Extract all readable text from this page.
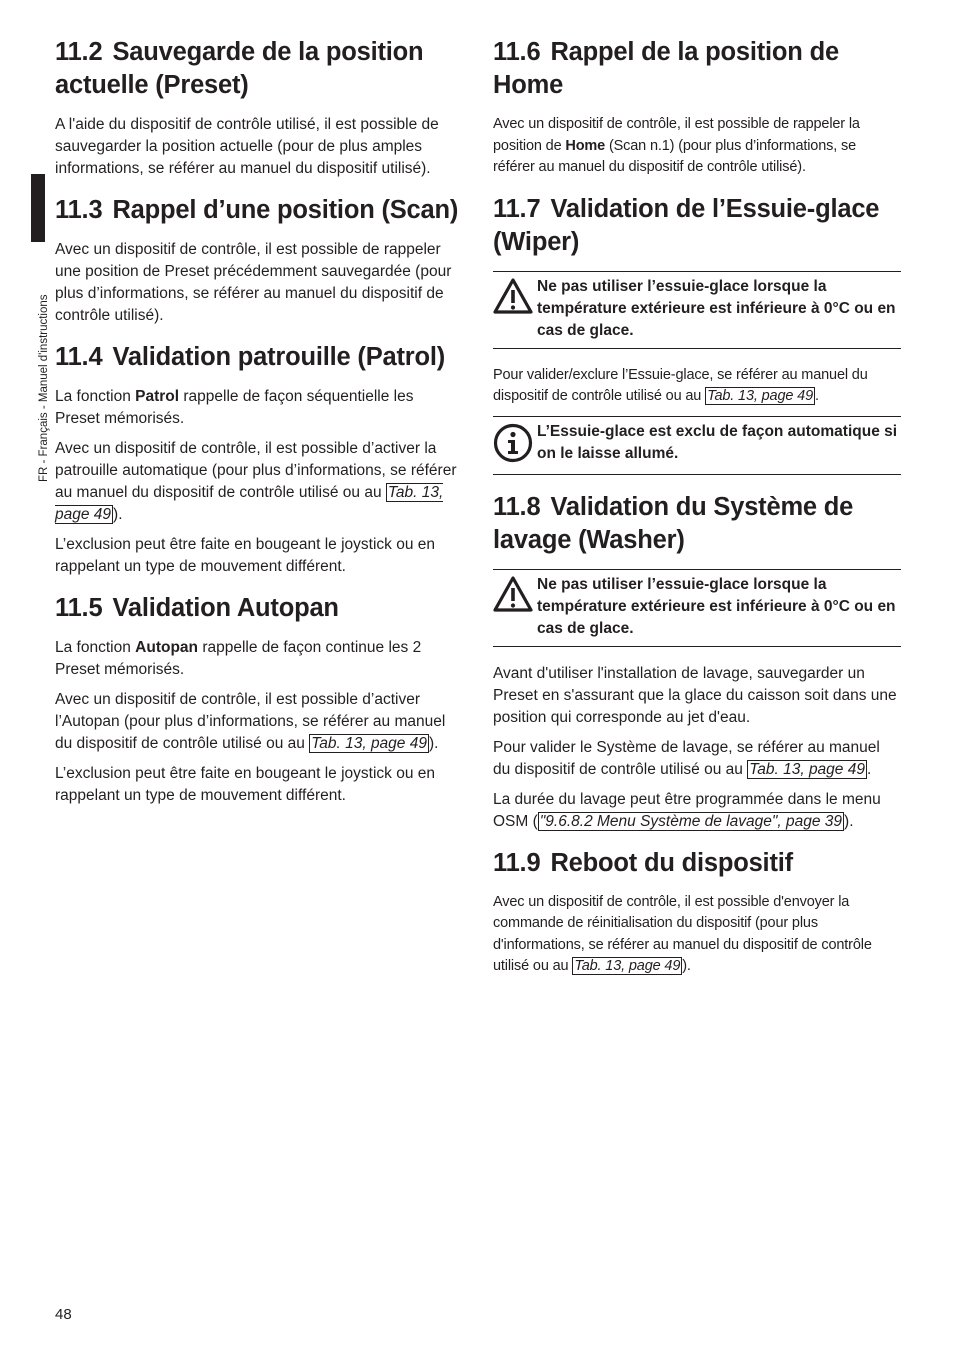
FR - Français - Manuel d'instructions
11.2 Sauvegarde de la position actuelle (Preset)

A l'aide du dispositif de contrôle utilisé, il est possible de sauvegarder la position actuelle (pour de plus amples informations, se référer au manuel du dispositif utilisé).

11.3 Rappel d’une position (Scan)

Avec un dispositif de contrôle, il est possible de rappeler une position de Preset précédemment sauvegardée (pour plus d’informations, se référer au manuel du dispositif de contrôle utilisé).

11.4 Validation patrouille (Patrol)

La fonction Patrol rappelle de façon séquentielle les Preset mémorisés.

Avec un dispositif de contrôle, il est possible d’activer la patrouille automatique (pour plus d’informations, se référer au manuel du dispositif de contrôle utilisé ou au Tab. 13, page 49 ).

L’exclusion peut être faite en bougeant le joystick ou en rappelant un type de mouvement différent.

11.5 Validation Autopan

La fonction Autopan rappelle de façon continue les 2 Preset mémorisés.

Avec un dispositif de contrôle, il est possible d’activer l’Autopan (pour plus d’informations, se référer au manuel du dispositif de contrôle utilisé ou au Tab. 13, page 49 ).

L’exclusion peut être faite en bougeant le joystick ou en rappelant un type de mouvement différent.

11.6 Rappel de la position de Home

Avec un dispositif de contrôle, il est possible de rappeler la position de Home (Scan n.1) (pour plus d’informations, se référer au manuel du dispositif de contrôle utilisé).

11.7 Validation de l’Essuie-glace (Wiper)
Ne pas utiliser l’essuie-glace lorsque la température extérieure est inférieure à 0°C ou en cas de glace.

Pour valider/exclure l’Essuie-glace, se référer au manuel du dispositif de contrôle utilisé ou au Tab. 13, page 49 .

L’Essuie-glace est exclu de façon automatique si on le laisse allumé.
11.8 Validation du Système de lavage (Washer)
Ne pas utiliser l’essuie-glace lorsque la température extérieure est inférieure à 0°C ou en cas de glace.

Avant d'utiliser l'installation de lavage, sauvegarder un Preset en s'assurant que la glace du caisson soit dans une position qui corresponde au jet d'eau.

Pour valider le Système de lavage, se référer au manuel du dispositif de contrôle utilisé ou au Tab. 13, page 49 .

La durée du lavage peut être programmée dans le menu OSM ( "9.6.8.2 Menu Système de lavage", page 39 ).

11.9 Reboot du dispositif

Avec un dispositif de contrôle, il est possible d'envoyer la commande de réinitialisation du dispositif (pour plus d'informations, se référer au manuel du dispositif de contrôle utilisé ou au Tab. 13, page 49 ).

48
